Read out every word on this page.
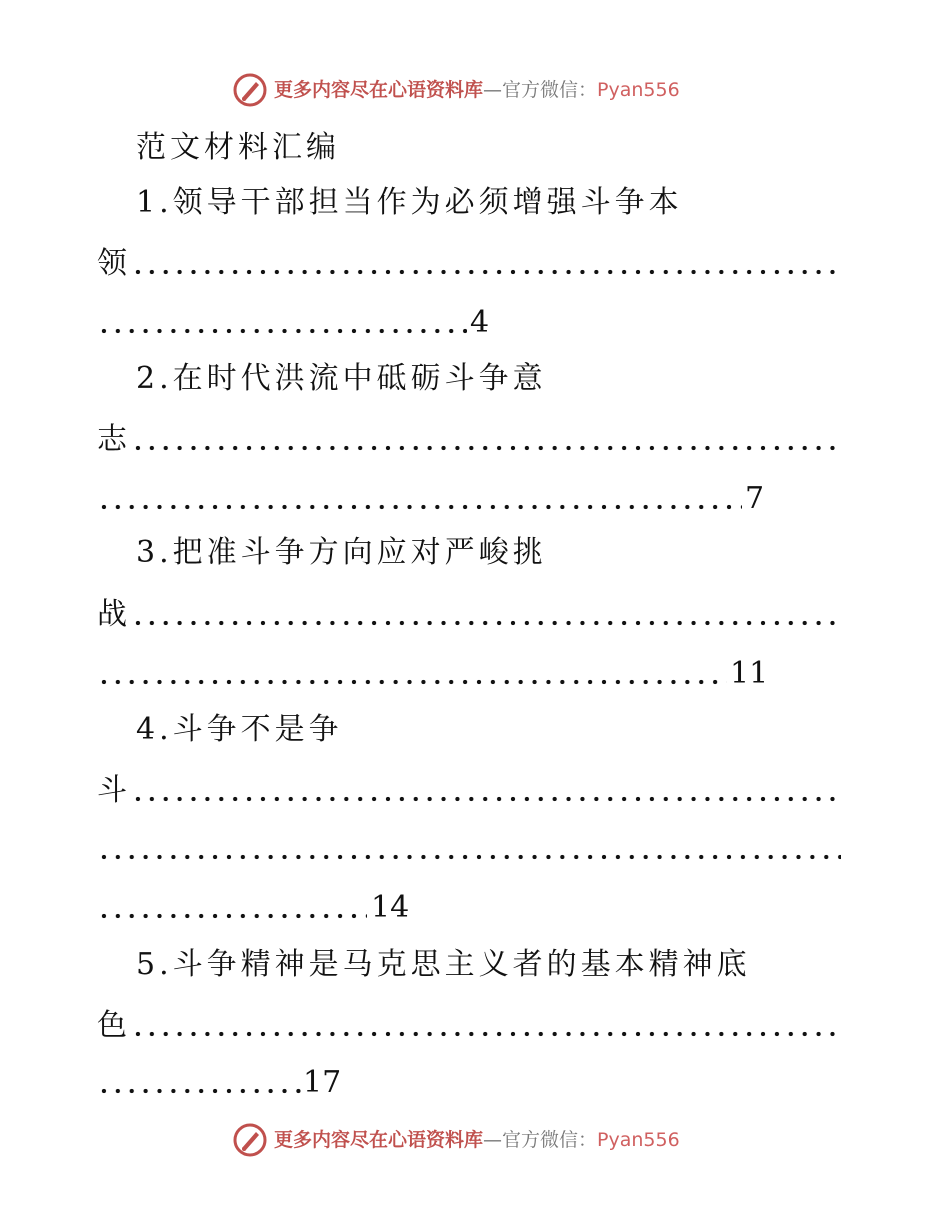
更多内容尽在心语资料库—官方微信：Pyan556
范文材料汇编
1.领导干部担当作为必须增强斗争本
领
4
2.在时代洪流中砥砺斗争意
志
7
3.把准斗争方向应对严峻挑
战
11
4.斗争不是争
斗
14
5.斗争精神是马克思主义者的基本精神底
色
17
更多内容尽在心语资料库—官方微信：Pyan556
